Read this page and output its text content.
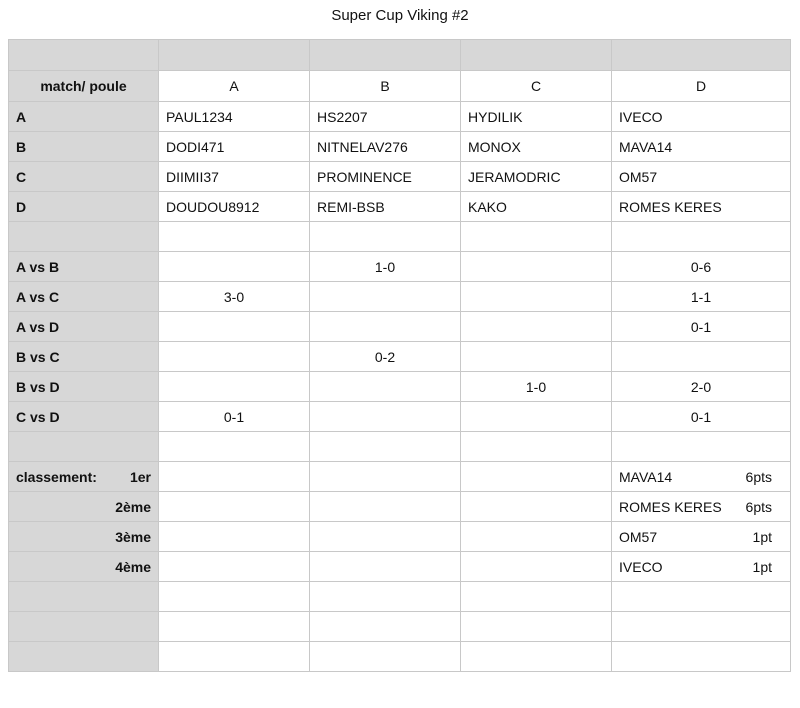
Super Cup Viking #2

match/ poule	A	B	C	D
A	PAUL1234	HS2207	HYDILIK	IVECO
B	DODI471	NITNELAV276	MONOX	MAVA14
C	DIIMII37	PROMINENCE	JERAMODRIC	OM57
D	DOUDOU8912	REMI-BSB	KAKO	ROMES KERES

A vs B		1-0		0-6
A vs C	3-0			1-1
A vs D				0-1
B vs C		0-2		
B vs D			1-0	2-0
C vs D	0-1			0-1

classement: 1er				MAVA14 6pts

2ème				ROMES KERES 6pts

3ème				OM57 1pt

4ème				IVECO 1pt
